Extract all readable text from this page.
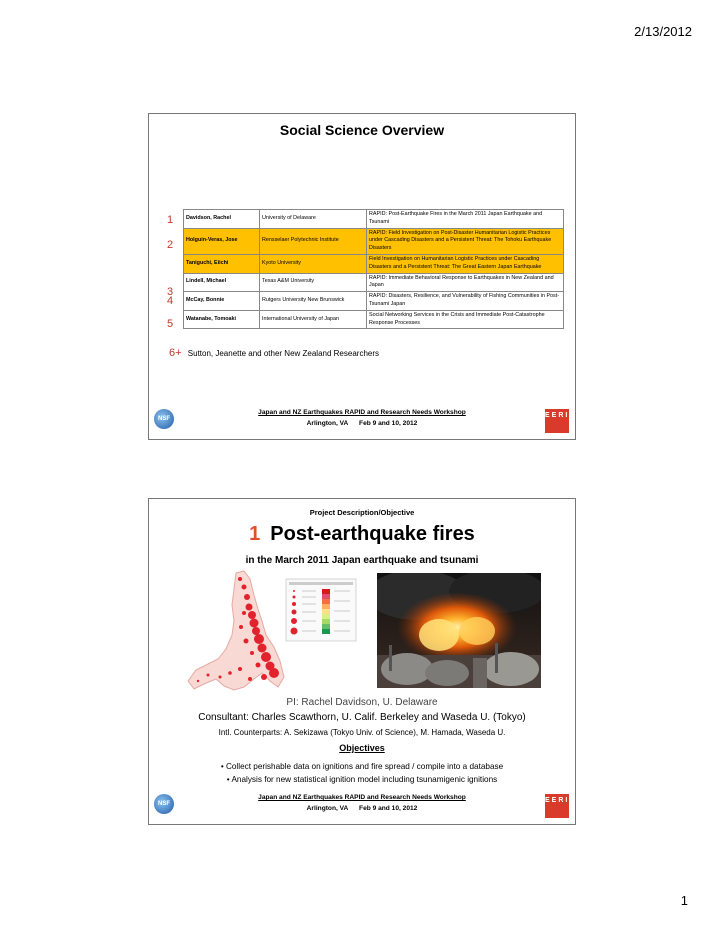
2/13/2012
Social Science Overview
1
2
3
4
5
Davidson, Rachel	University of Delaware	RAPID: Post-Earthquake Fires in the March 2011 Japan Earthquake and Tsunami
Holguin-Veras, Jose	Rensselaer Polytechnic Institute	RAPID: Field Investigation on Post-Disaster Humanitarian Logistic Practices under Cascading Disasters and a Persistent Threat: The Tohoku Earthquake Disasters
Taniguchi, Eiichi	Kyoto University	Field Investigation on Humanitarian Logistic Practices under Cascading Disasters and a Persistent Threat: The Great Eastern Japan Earthquake
Lindell, Michael	Texas A&M University	RAPID: Immediate Behavioral Response to Earthquakes in New Zealand and Japan
McCay, Bonnie	Rutgers University New Brunswick	RAPID: Disasters, Resilience, and Vulnerability of Fishing Communities in Post-Tsunami Japan
Watanabe, Tomoaki	International University of Japan	Social Networking Services in the Crisis and Immediate Post-Catastrophe Response Processes
6+ Sutton, Jeanette and other New Zealand Researchers
NSF
Japan and NZ Earthquakes RAPID and Research Needs Workshop
Arlington, VA      Feb 9 and 10, 2012
EERI
Project Description/Objective
1 Post-earthquake fires
in the March 2011 Japan earthquake and tsunami
PI: Rachel Davidson, U. Delaware
Consultant: Charles Scawthorn, U. Calif. Berkeley and Waseda U. (Tokyo)
Intl. Counterparts: A. Sekizawa (Tokyo Univ. of Science), M. Hamada, Waseda U.
Objectives
• Collect perishable data on ignitions and fire spread / compile into a database
• Analysis for new statistical ignition model including tsunamigenic ignitions
NSF
Japan and NZ Earthquakes RAPID and Research Needs Workshop
Arlington, VA      Feb 9 and 10, 2012
EERI
1
